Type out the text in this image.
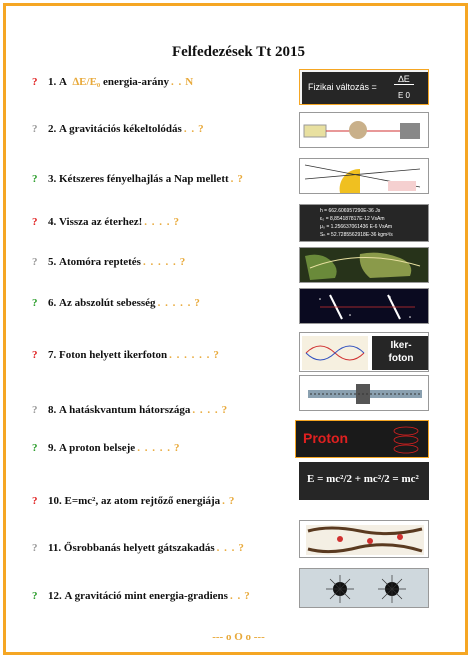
Felfedezések Tt 2015
? 1.
A
∆E/E₀
energia-arány . . N	Fizikai változás =
∆E
E 0
? 2.
A gravitációs kékeltolódás . . ?
? 3.
Kétszeres fényelhajlás a Nap mellett . ?
? 4.
Vissza az éterhez! . . . . ?
h = 662.606957290E-36 Js
ε₀ = 8,854187817E-12 VsAm
μ₀ = 1.256637061436 E-6 VsAm
Sₕ = 52.7285562918E-36 kgm²/s
? 5.
Atomóra reptetés . . . . . ?
? 6.
Az abszolút sebesség . . . . . ?
? 7.
Foton helyett ikerfoton . . . . . . ?
Iker- foton
? 8.
A hatáskvantum hátországa . . . . ?
? 9.
A proton belseje . . . . . ?
Proton
? 10.
E=mc², az atom rejtőző energiája . ?
E = mc²/2 + mc²/2 = mc²
? 11.
Ősrobbanás helyett gátszakadás . . . ?
? 12.
A gravitáció mint energia-gradiens . . ?
--- o O o ---
